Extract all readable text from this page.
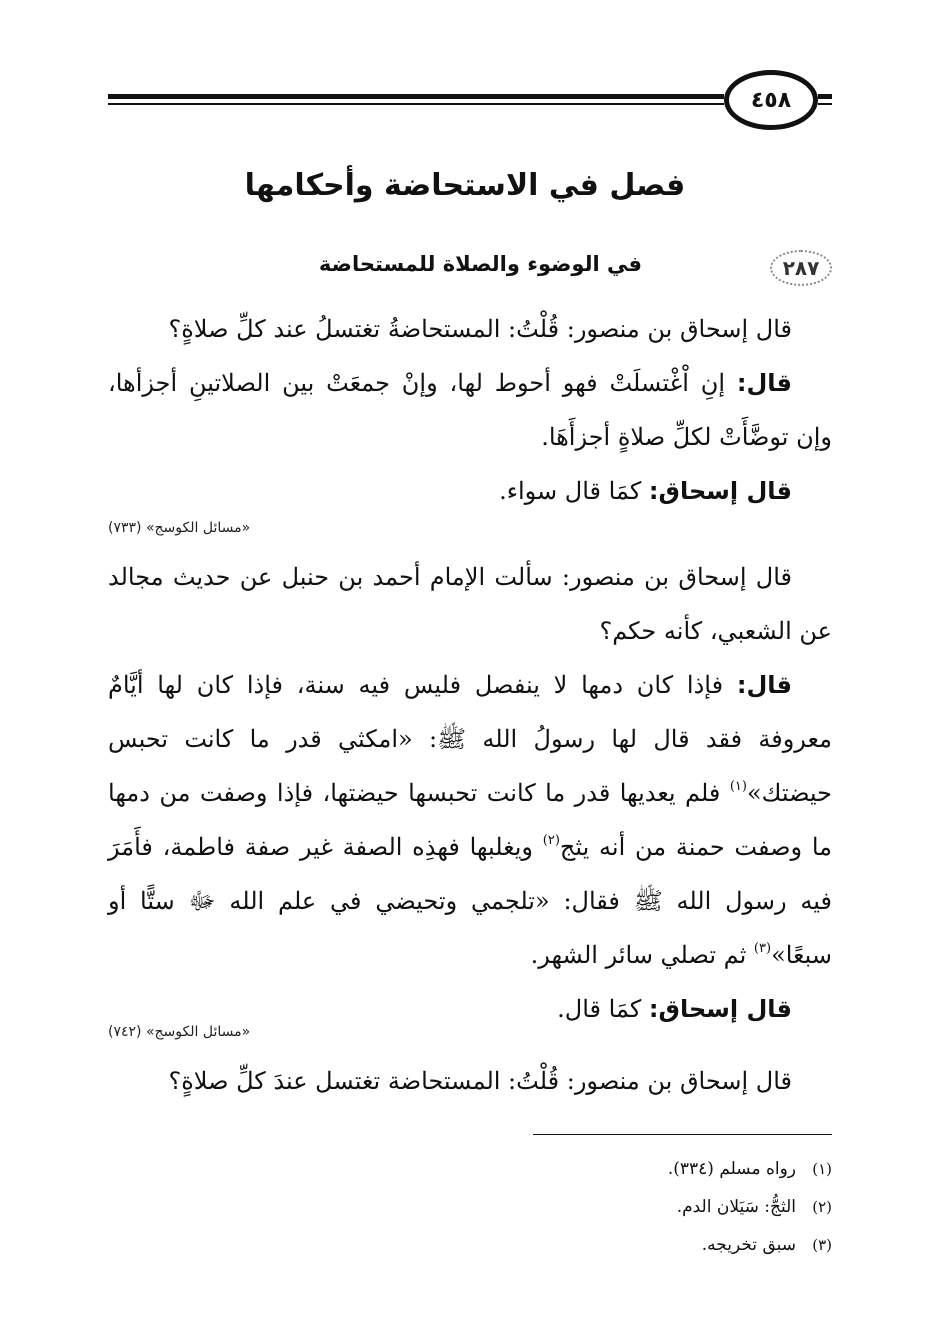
٤٥٨
فصل في الاستحاضة وأحكامها
٢٨٧
في الوضوء والصلاة للمستحاضة

قال إسحاق بن منصور: قُلْتُ: المستحاضةُ تغتسلُ عند كلِّ صلاةٍ؟

قال: إنِ اْغْتسلَتْ فهو أحوط لها، وإنْ جمعَتْ بين الصلاتينِ أجزأها، وإن توضَّأَتْ لكلِّ صلاةٍ أجزأَهَا.

قال إسحاق: كمَا قال سواء.

«مسائل الكوسج» (٧٣٣)

قال إسحاق بن منصور: سألت الإمام أحمد بن حنبل عن حديث مجالد عن الشعبي، كأنه حكم؟

قال: فإذا كان دمها لا ينفصل فليس فيه سنة، فإذا كان لها أيَّامٌ معروفة فقد قال لها رسولُ الله ﷺ: «امكثي قدر ما كانت تحبس حيضتك»$^{(١)}$ فلم يعديها قدر ما كانت تحبسها حيضتها، فإذا وصفت من دمها ما وصفت حمنة من أنه يثج$^{(٢)}$ ويغلبها فهذِه الصفة غير صفة فاطمة، فأَمَرَ فيه رسول الله ﷺ فقال: «تلجمي وتحيضي في علم الله ﷻ ستًّا أو سبعًا»$^{(٣)}$ ثم تصلي سائر الشهر.

قال إسحاق: كمَا قال.

«مسائل الكوسج» (٧٤٢)

قال إسحاق بن منصور: قُلْتُ: المستحاضة تغتسل عندَ كلِّ صلاةٍ؟

(١)رواه مسلم (٣٣٤).

(٢)الثجُّ: سَيَلان الدم.

(٣)سبق تخريجه.
